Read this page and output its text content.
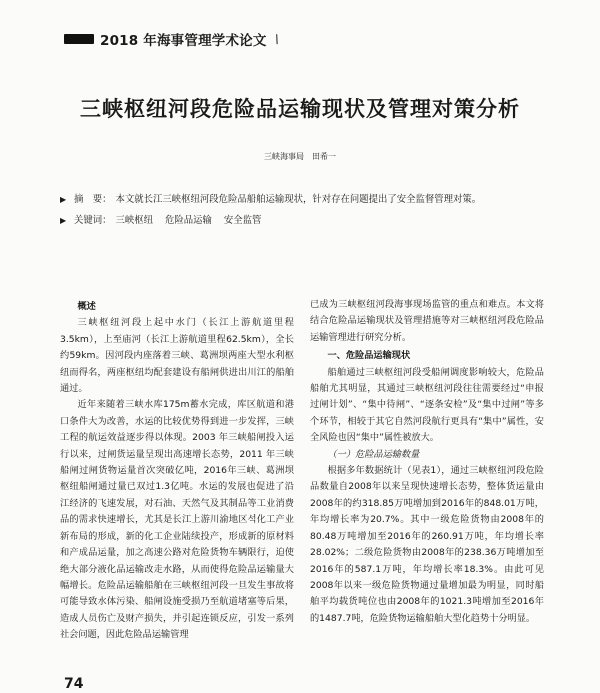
2018 年海事管理学术论文 \
三峡枢纽河段危险品运输现状及管理对策分析
三峡海事局　田希一
▶ 摘　要： 本文就长江三峡枢纽河段危险品船舶运输现状，针对存在问题提出了安全监督管理对策。
▶ 关键词： 三峡枢纽 危险品运输 安全监管
概述

三峡枢纽河段上起中水门（长江上游航道里程3.5km），上至庙河（长江上游航道里程62.5km），全长约59km。因河段内座落着三峡、葛洲坝两座大型水利枢纽而得名，两座枢纽均配套建设有船闸供进出川江的船舶通过。

近年来随着三峡水库175m蓄水完成，库区航道和港口条件大为改善，水运的比较优势得到进一步发挥，三峡工程的航运效益逐步得以体现。2003 年三峡船闸投入运行以来，过闸货运量呈现出高速增长态势，2011 年三峡船闸过闸货物运量首次突破亿吨，2016年三峡、葛洲坝枢纽船闸通过量已双过1.3亿吨。水运的发展也促进了沿江经济的飞速发展，对石油、天然气及其制品等工业消费品的需求快速增长，尤其是长江上游川渝地区석化工产业新布局的形成，新的化工企业陆续投产，形成新的原材料和产成品运量，加之高速公路对危险货物车辆限行，迫使绝大部分液化品运输改走水路，从而使得危险品运输量大幅增长。危险品运输船舶在三峡枢纽河段一旦发生事故将可能导致水体污染、船闸设施受损乃至航道堵塞等后果，造成人员伤亡及财产损失，并引起连锁反应，引发一系列社会问题，因此危险品运输管理

已成为三峡枢纽河段海事现场监管的重点和难点。本文将结合危险品运输现状及管理措施等对三峡枢纽河段危险品运输管理进行研究分析。

一、危险品运输现状

船舶通过三峡枢纽河段受船闸调度影响较大，危险品船舶尤其明显，其通过三峡枢纽河段往往需要经过“申报过闸计划”、“集中待闸”、“逐条安检”及“集中过闸”等多个环节，相较于其它自然河段航行更具有“集中”属性，安全风险也因“集中”属性被放大。

（一）危险品运输数量

根据多年数据统计（见表1），通过三峡枢纽河段危险品数量自2008年以来呈现快速增长态势，整体货运量由2008年的约318.85万吨增加到2016年的848.01万吨，年均增长率为20.7%。其中一级危险货物由2008年的80.48万吨增加至2016年的260.91万吨，年均增长率28.02%；二级危险货物由2008年的238.36万吨增加至2016年的587.1万吨，年均增长率18.3%。由此可见2008年以来一级危险货物通过量增加最为明显，同时船舶平均载货吨位也由2008年的1021.3吨增加至2016年的1487.7吨，危险货物运输船舶大型化趋势十分明显。

74
